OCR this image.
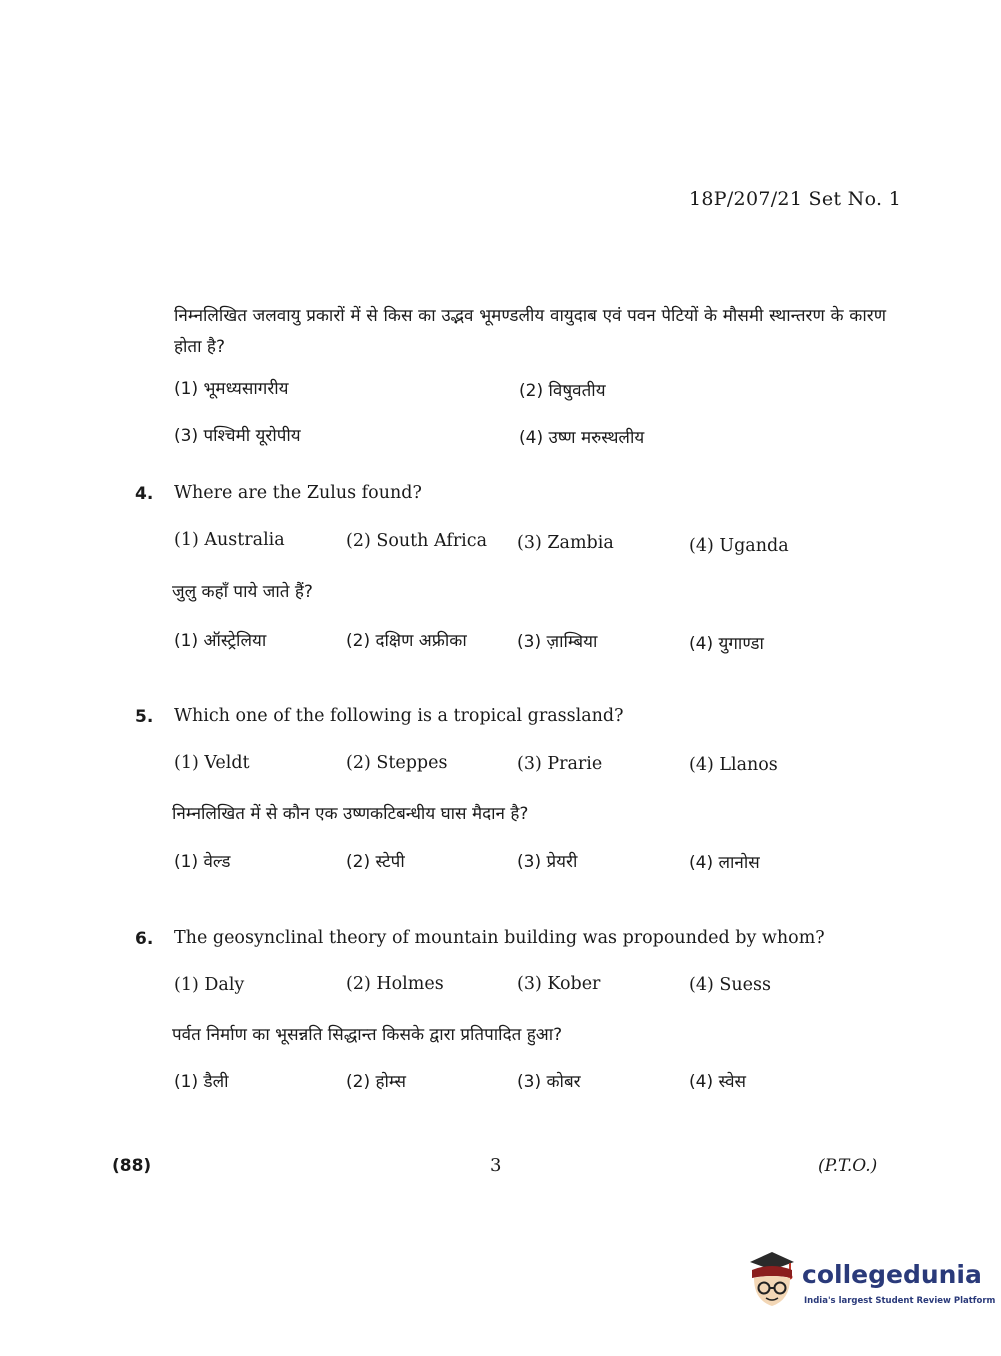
18P/207/21 Set No. 1
निम्नलिखित जलवायु प्रकारों में से किस का उद्भव भूमण्डलीय वायुदाब एवं पवन पेटियों के मौसमी स्थान्तरण के कारण होता है?
(1) भूमध्यसागरीय	(2) विषुवतीय
(3) पश्चिमी यूरोपीय	(4) उष्ण मरुस्थलीय
4. Where are the Zulus found?
(1) Australia	(2) South Africa (3) Zambia	(4) Uganda
जुलु कहाँ पाये जाते हैं?
(1) ऑस्ट्रेलिया	(2) दक्षिण अफ्रीका	(3) ज़ाम्बिया	(4) युगाण्डा
5. Which one of the following is a tropical grassland?
(1) Veldt	(2) Steppes	(3) Prarie	(4) Llanos
निम्नलिखित में से कौन एक उष्णकटिबन्धीय घास मैदान है?
(1) वेल्ड	(2) स्टेपी	(3) प्रेयरी	(4) लानोस
6. The geosynclinal theory of mountain building was propounded by whom?
(1) Daly	(2) Holmes	(3) Kober	(4) Suess
पर्वत निर्माण का भूसन्नति सिद्धान्त किसके द्वारा प्रतिपादित हुआ?
(1) डैली	(2) होम्स	(3) कोबर	(4) स्वेस
(88)	3	(P.T.O.)
collegedunia
India's largest Student Review Platform
